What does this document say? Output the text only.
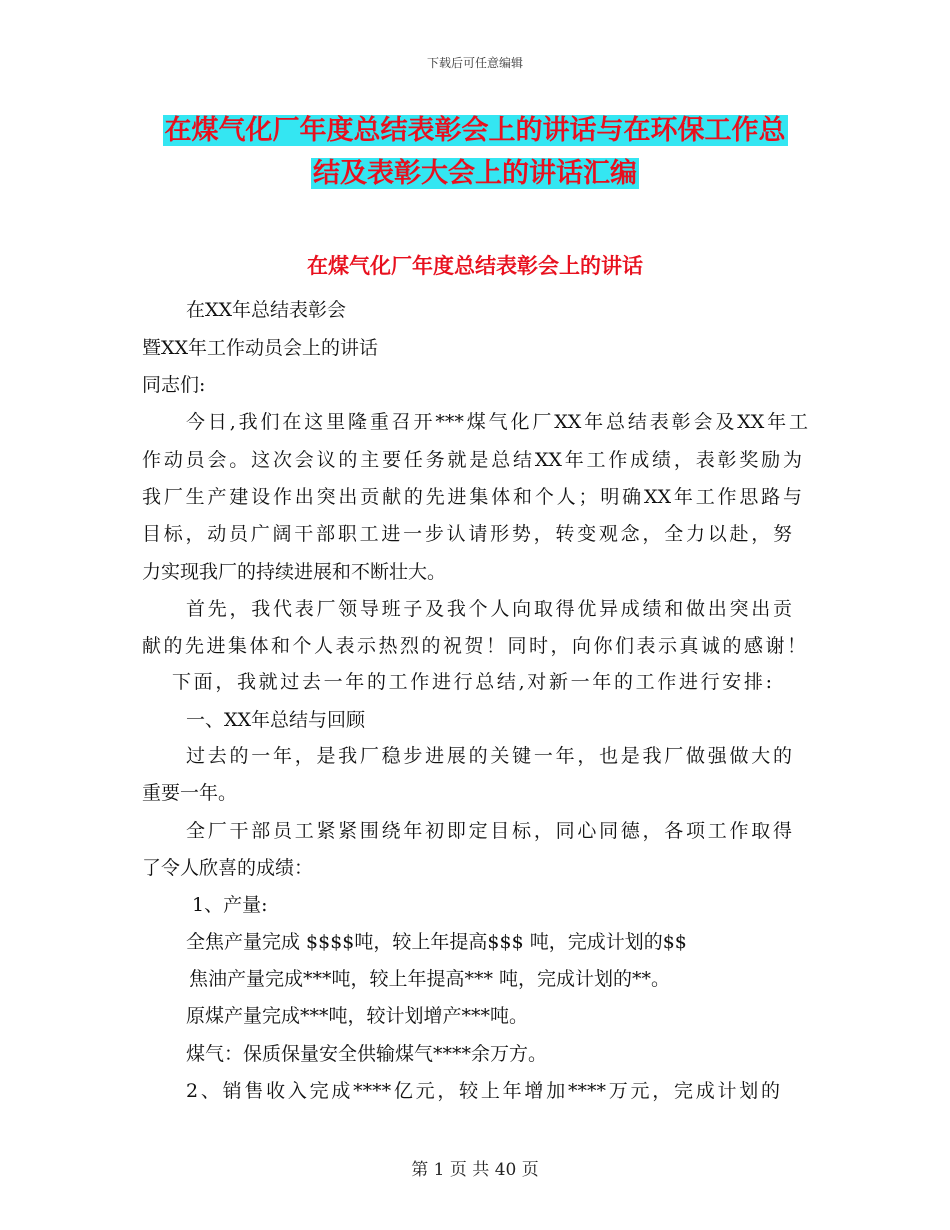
下载后可任意编辑
在煤气化厂年度总结表彰会上的讲话与在环保工作总
结及表彰大会上的讲话汇编
在煤气化厂年度总结表彰会上的讲话
在XX年总结表彰会
暨XX年工作动员会上的讲话
同志们:
今日,我们在这里隆重召开***煤气化厂XX年总结表彰会及XX年工
作动员会。这次会议的主要任务就是总结XX年工作成绩，表彰奖励为
我厂生产建设作出突出贡献的先进集体和个人；明确XX年工作思路与
目标，动员广阔干部职工进一步认请形势，转变观念，全力以赴，努
力实现我厂的持续进展和不断壮大。
首先，我代表厂领导班子及我个人向取得优异成绩和做出突出贡
献的先进集体和个人表示热烈的祝贺！同时，向你们表示真诚的感谢！
下面，我就过去一年的工作进行总结,对新一年的工作进行安排:
一、XX年总结与回顾
过去的一年，是我厂稳步进展的关键一年，也是我厂做强做大的
重要一年。
全厂干部员工紧紧围绕年初即定目标，同心同德，各项工作取得
了令人欣喜的成绩：
1、产量:
全焦产量完成 $$$$吨，较上年提高$$$ 吨，完成计划的$$
焦油产量完成***吨，较上年提高*** 吨，完成计划的**。
原煤产量完成***吨，较计划增产***吨。
煤气：保质保量安全供输煤气****余万方。
2、销售收入完成****亿元，较上年增加****万元，完成计划的
第 1 页 共 40 页
